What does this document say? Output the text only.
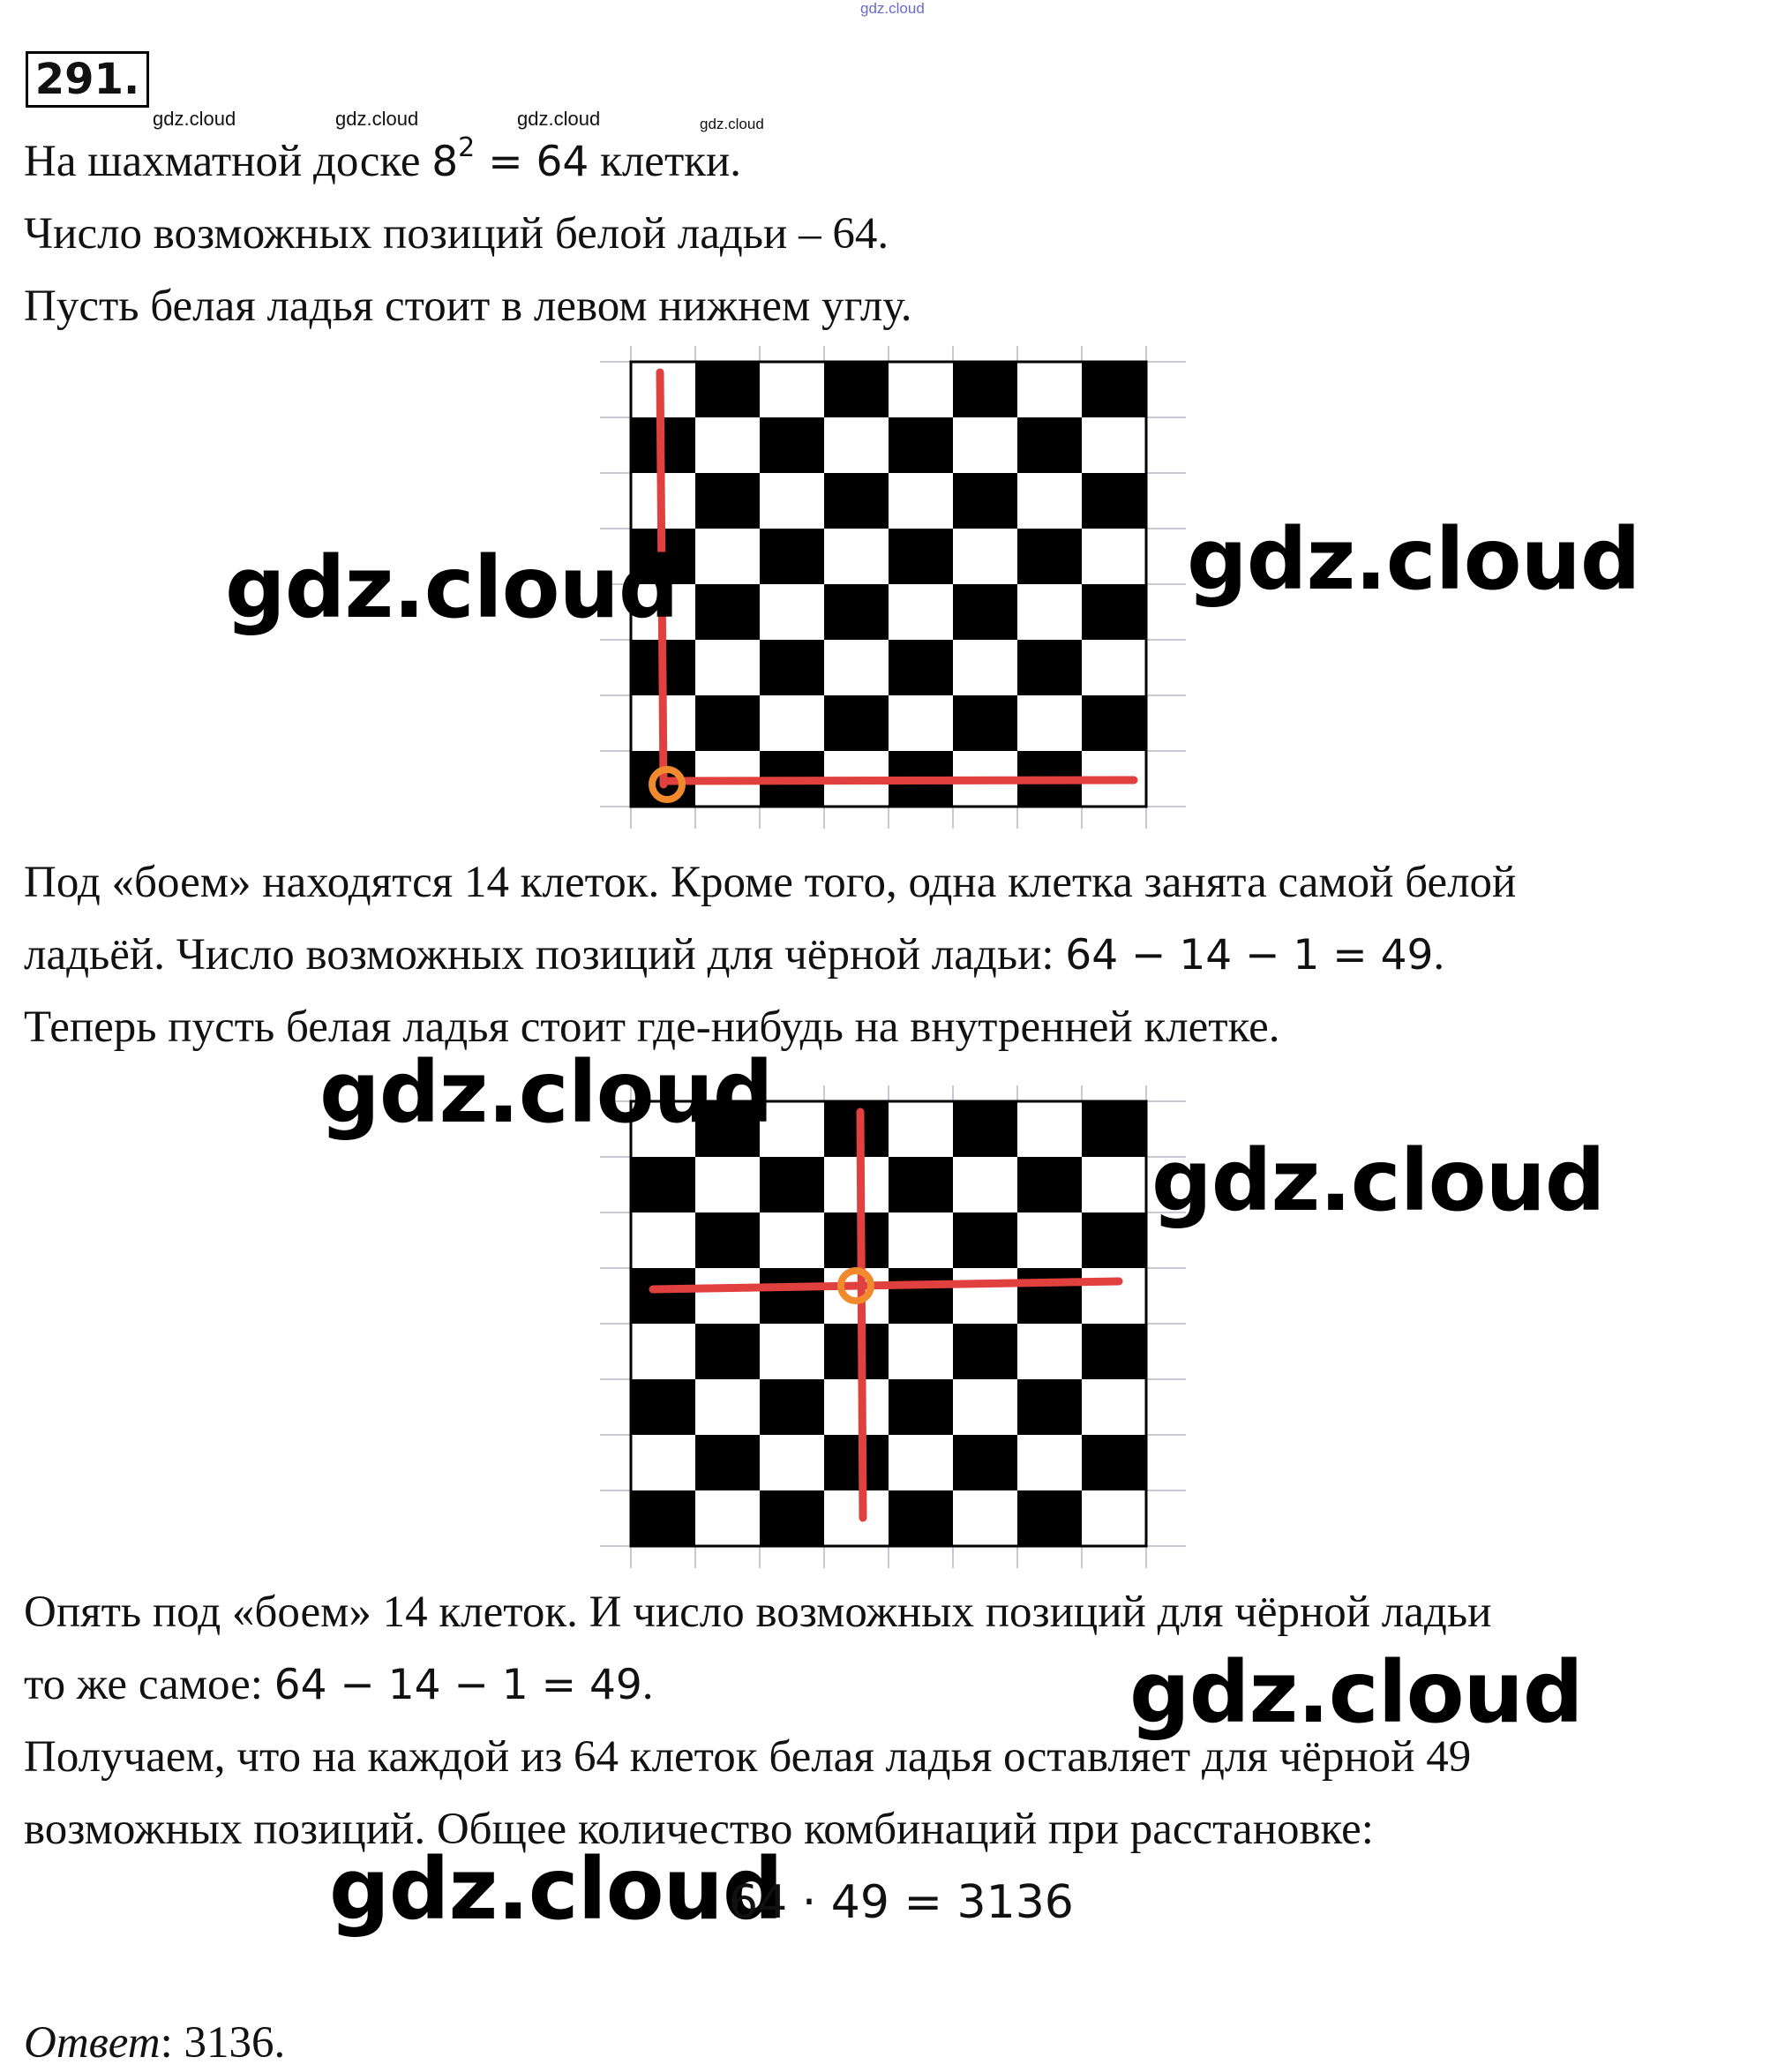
gdz.cloud
291.
gdz.cloud	gdz.cloud	gdz.cloud	gdz.cloud
На шахматной доске $8^2 = 64$ клетки.
Число возможных позиций белой ладьи – 64.
Пусть белая ладья стоит в левом нижнем углу.
gdz.cloud	gdz.cloud
Под «боем» находятся 14 клеток. Кроме того, одна клетка занята самой белой
ладьёй. Число возможных позиций для чёрной ладьи: 64 − 14 − 1 = 49.
Теперь пусть белая ладья стоит где-нибудь на внутренней клетке.
gdz.cloud
gdz.cloud
Опять под «боем» 14 клеток. И число возможных позиций для чёрной ладьи
то же самое: 64 − 14 − 1 = 49.	gdz.cloud
Получаем, что на каждой из 64 клеток белая ладья оставляет для чёрной 49
возможных позиций. Общее количество комбинаций при расстановке:
gdz.cloud
64 · 49 = 3136
Ответ: 3136.
